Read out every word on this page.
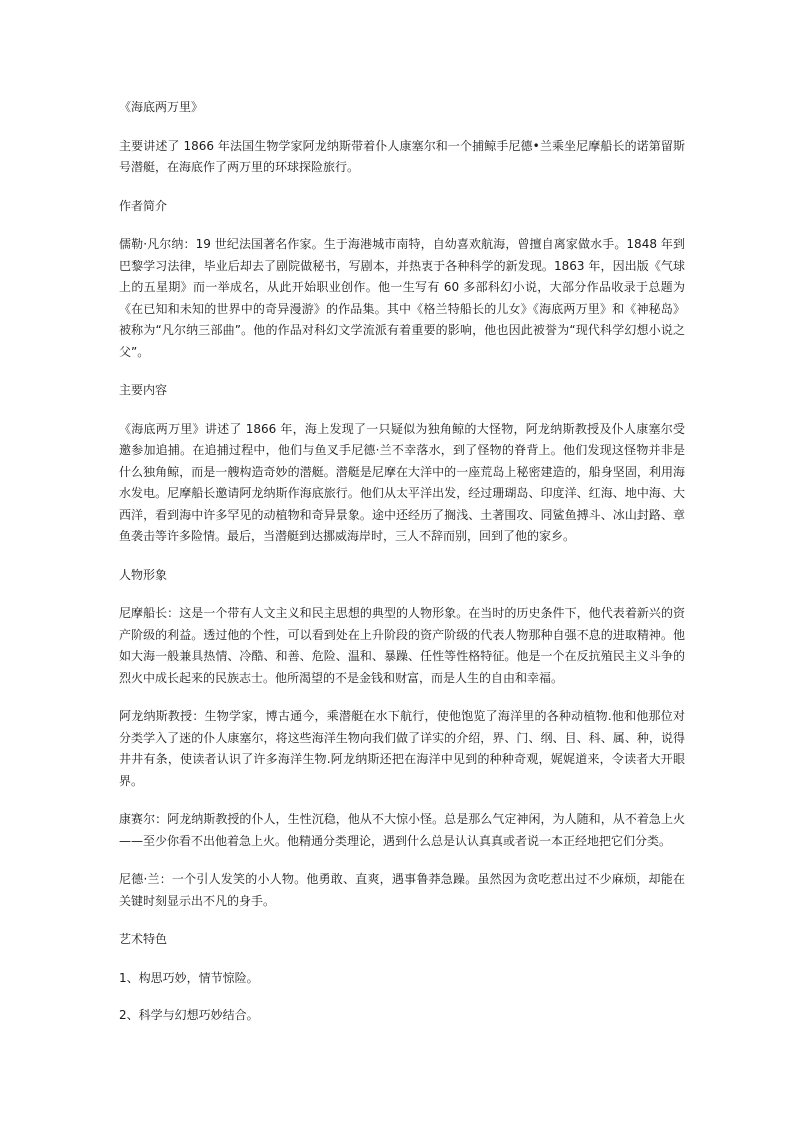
《海底两万里》
主要讲述了 1866 年法国生物学家阿龙纳斯带着仆人康塞尔和一个捕鲸手尼德•兰乘坐尼摩船长的诺第留斯号潜艇，在海底作了两万里的环球探险旅行。
作者简介
儒勒·凡尔纳：19 世纪法国著名作家。生于海港城市南特，自幼喜欢航海，曾擅自离家做水手。1848 年到巴黎学习法律，毕业后却去了剧院做秘书，写剧本，并热衷于各种科学的新发现。1863 年，因出版《气球上的五星期》而一举成名，从此开始职业创作。他一生写有 60 多部科幻小说，大部分作品收录于总题为《在已知和未知的世界中的奇异漫游》的作品集。其中《格兰特船长的儿女》《海底两万里》和《神秘岛》被称为“凡尔纳三部曲”。他的作品对科幻文学流派有着重要的影响，他也因此被誉为“现代科学幻想小说之父”。
主要内容
《海底两万里》讲述了 1866 年，海上发现了一只疑似为独角鲸的大怪物，阿龙纳斯教授及仆人康塞尔受邀参加追捕。在追捕过程中，他们与鱼叉手尼德·兰不幸落水，到了怪物的脊背上。他们发现这怪物并非是什么独角鲸，而是一艘构造奇妙的潜艇。潜艇是尼摩在大洋中的一座荒岛上秘密建造的，船身坚固，利用海水发电。尼摩船长邀请阿龙纳斯作海底旅行。他们从太平洋出发，经过珊瑚岛、印度洋、红海、地中海、大西洋，看到海中许多罕见的动植物和奇异景象。途中还经历了搁浅、土著围攻、同鲨鱼搏斗、冰山封路、章鱼袭击等许多险情。最后，当潜艇到达挪威海岸时，三人不辞而别，回到了他的家乡。
人物形象
尼摩船长：这是一个带有人文主义和民主思想的典型的人物形象。在当时的历史条件下，他代表着新兴的资产阶级的利益。透过他的个性，可以看到处在上升阶段的资产阶级的代表人物那种自强不息的进取精神。他如大海一般兼具热情、冷酷、和善、危险、温和、暴躁、任性等性格特征。他是一个在反抗殖民主义斗争的烈火中成长起来的民族志士。他所渴望的不是金钱和财富，而是人生的自由和幸福。
阿龙纳斯教授：生物学家，博古通今，乘潜艇在水下航行，使他饱览了海洋里的各种动植物.他和他那位对分类学入了迷的仆人康塞尔，将这些海洋生物向我们做了详实的介绍，界、门、纲、目、科、属、种，说得井井有条，使读者认识了许多海洋生物.阿龙纳斯还把在海洋中见到的种种奇观，娓娓道来，令读者大开眼界。
康赛尔：阿龙纳斯教授的仆人，生性沉稳，他从不大惊小怪。总是那么气定神闲，为人随和，从不着急上火——至少你看不出他着急上火。他精通分类理论，遇到什么总是认认真真或者说一本正经地把它们分类。
尼德·兰：一个引人发笑的小人物。他勇敢、直爽，遇事鲁莽急躁。虽然因为贪吃惹出过不少麻烦，却能在关键时刻显示出不凡的身手。
艺术特色
1、构思巧妙，情节惊险。
2、科学与幻想巧妙结合。
